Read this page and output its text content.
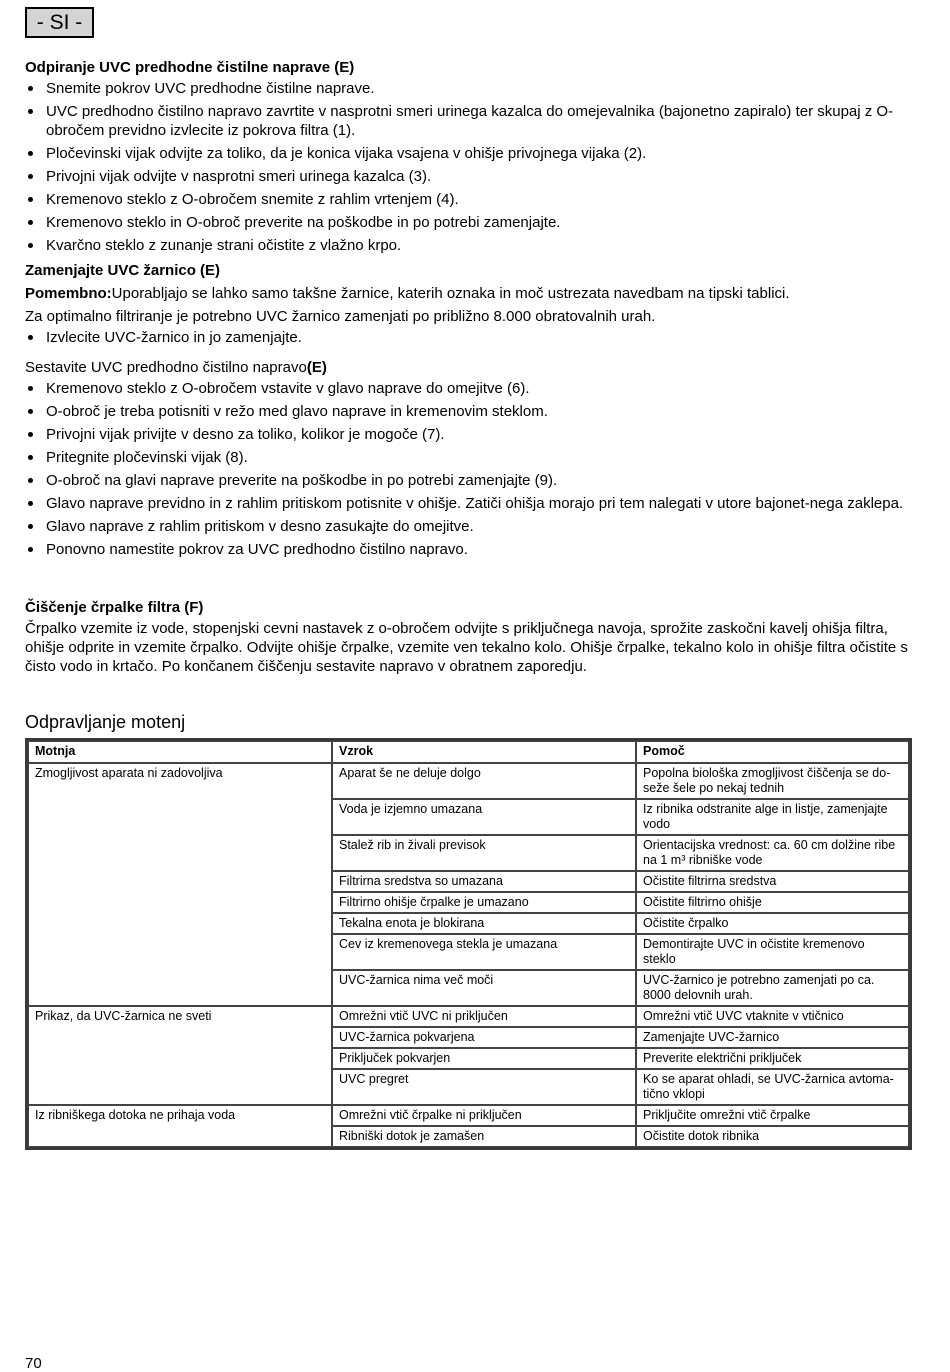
- SI -
Odpiranje UVC predhodne čistilne naprave (E)
Snemite pokrov UVC predhodne čistilne naprave.
UVC predhodno čistilno napravo zavrtite v nasprotni smeri urinega kazalca do omejevalnika (bajonetno zapiralo) ter skupaj z O-obročem previdno izvlecite iz pokrova filtra (1).
Pločevinski vijak odvijte za toliko, da je konica vijaka vsajena v ohišje privojnega vijaka (2).
Privojni vijak odvijte v nasprotni smeri urinega kazalca (3).
Kremenovo steklo z O-obročem snemite z rahlim vrtenjem (4).
Kremenovo steklo in O-obroč preverite na poškodbe in po potrebi zamenjajte.
Kvarčno steklo z zunanje strani očistite z vlažno krpo.
Zamenjajte UVC žarnico (E)

Pomembno:Uporabljajo se lahko samo takšne žarnice, katerih oznaka in moč ustrezata navedbam na tipski tablici.

Za optimalno filtriranje je potrebno UVC žarnico zamenjati po približno 8.000 obratovalnih urah.

Izvlecite UVC-žarnico in jo zamenjajte.

Sestavite UVC predhodno čistilno napravo(E)

Kremenovo steklo z O-obročem vstavite v glavo naprave do omejitve (6).
O-obroč je treba potisniti v režo med glavo naprave in kremenovim steklom.
Privojni vijak privijte v desno za toliko, kolikor je mogoče (7).
Pritegnite pločevinski vijak (8).
O-obroč na glavi naprave preverite na poškodbe in po potrebi zamenjajte (9).
Glavo naprave previdno in z rahlim pritiskom potisnite v ohišje. Zatiči ohišja morajo pri tem nalegati v utore bajonet-nega zaklepa.
Glavo naprave z rahlim pritiskom v desno zasukajte do omejitve.
Ponovno namestite pokrov za UVC predhodno čistilno napravo.
Čiščenje črpalke filtra (F)

Črpalko vzemite iz vode, stopenjski cevni nastavek z o-obročem odvijte s priključnega navoja, sprožite zaskočni kavelj ohišja filtra, ohišje odprite in vzemite črpalko. Odvijte ohišje črpalke, vzemite ven tekalno kolo. Ohišje črpalke, tekalno kolo in ohišje filtra očistite s čisto vodo in krtačo. Po končanem čiščenju sestavite napravo v obratnem zaporedju.

Odpravljanje motenj
Motnja	Vzrok	Pomoč
Zmogljivost aparata ni zadovoljiva	Aparat še ne deluje dolgo	Popolna biološka zmogljivost čiščenja se do-seže šele po nekaj tednih
	Voda je izjemno umazana	Iz ribnika odstranite alge in listje, zamenjajte vodo
	Stalež rib in živali previsok	Orientacijska vrednost: ca. 60 cm dolžine ribe na 1 m³ ribniške vode
	Filtrirna sredstva so umazana	Očistite filtrirna sredstva
	Filtrirno ohišje črpalke je umazano	Očistite filtrirno ohišje
	Tekalna enota je blokirana	Očistite črpalko
	Cev iz kremenovega stekla je umazana	Demontirajte UVC in očistite kremenovo steklo
	UVC-žarnica nima več moči	UVC-žarnico je potrebno zamenjati po ca. 8000 delovnih urah.
Prikaz, da UVC-žarnica ne sveti	Omrežni vtič UVC ni priključen	Omrežni vtič UVC vtaknite v vtičnico
	UVC-žarnica pokvarjena	Zamenjajte UVC-žarnico
	Priključek pokvarjen	Preverite električni priključek
	UVC pregret	Ko se aparat ohladi, se UVC-žarnica avtoma-tično vklopi
Iz ribniškega dotoka ne prihaja voda	Omrežni vtič črpalke ni priključen	Priključite omrežni vtič črpalke
	Ribniški dotok je zamašen	Očistite dotok ribnika
70
